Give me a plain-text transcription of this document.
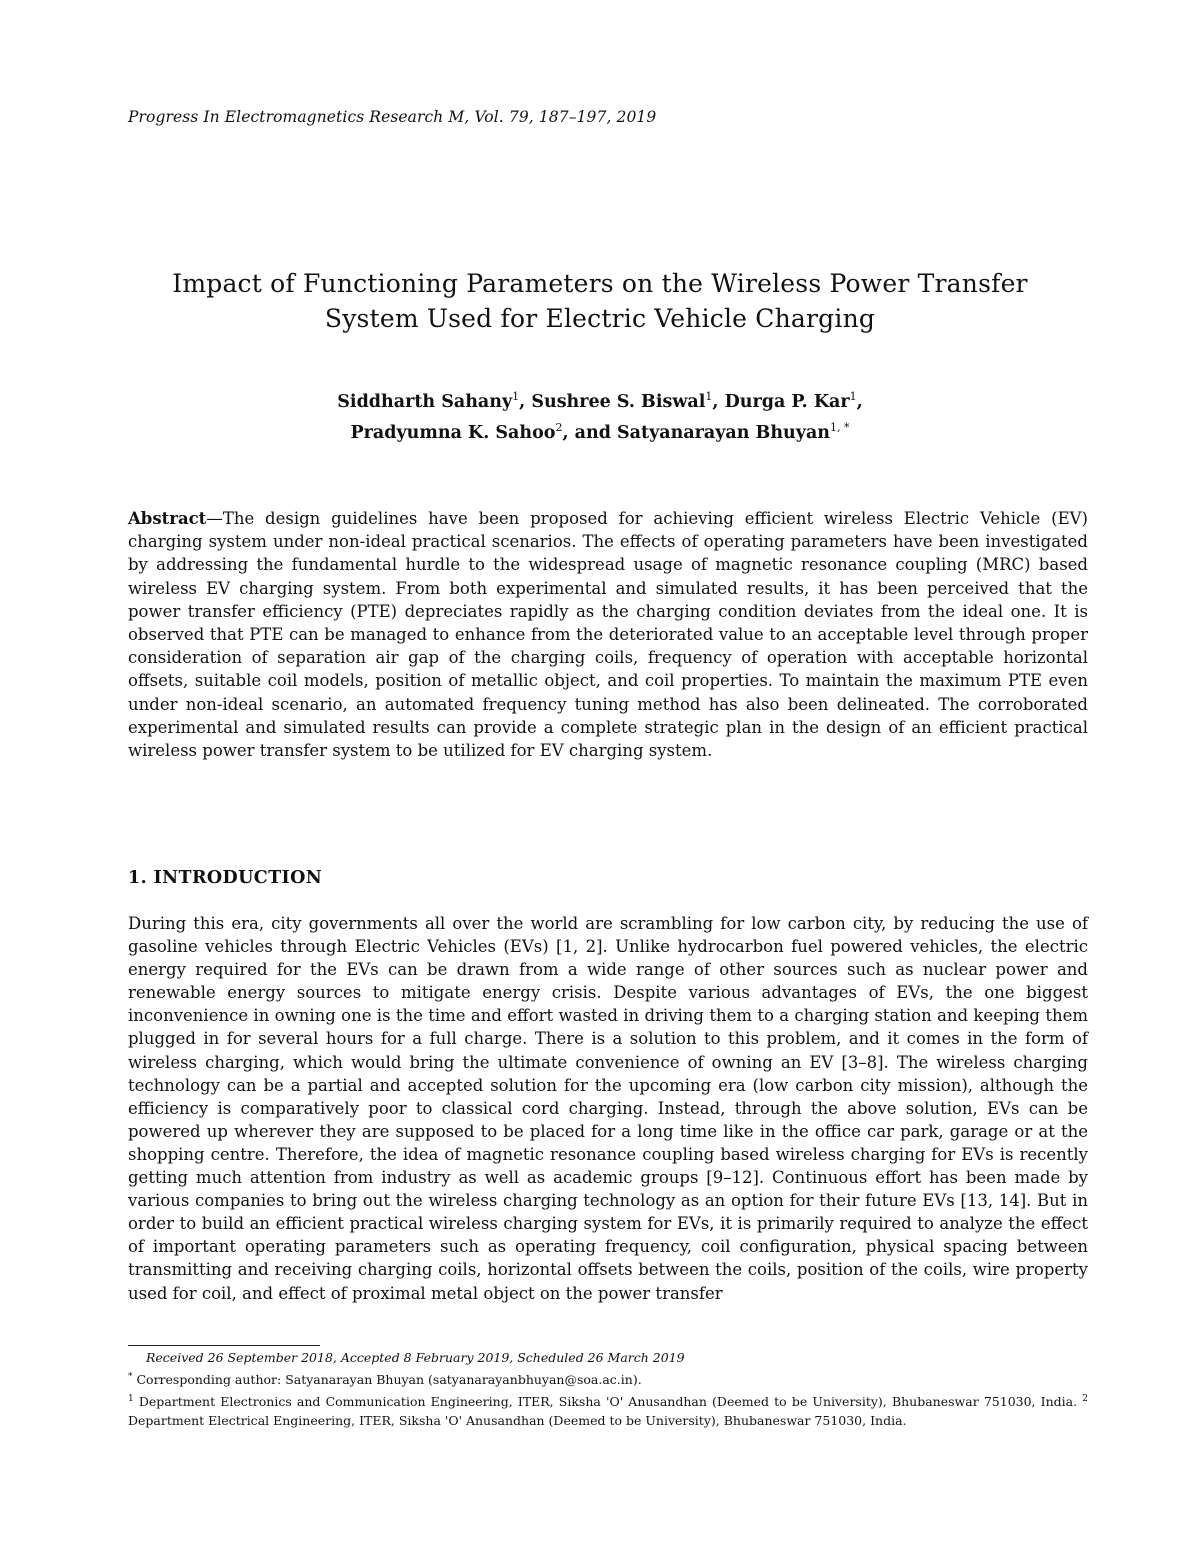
Progress In Electromagnetics Research M, Vol. 79, 187–197, 2019
Impact of Functioning Parameters on the Wireless Power Transfer
System Used for Electric Vehicle Charging
Siddharth Sahany$^1$, Sushree S. Biswal$^1$, Durga P. Kar$^1$,
Pradyumna K. Sahoo$^2$, and Satyanarayan Bhuyan$^{1, *}$
Abstract—The design guidelines have been proposed for achieving efficient wireless Electric Vehicle (EV) charging system under non-ideal practical scenarios. The effects of operating parameters have been investigated by addressing the fundamental hurdle to the widespread usage of magnetic resonance coupling (MRC) based wireless EV charging system. From both experimental and simulated results, it has been perceived that the power transfer efficiency (PTE) depreciates rapidly as the charging condition deviates from the ideal one. It is observed that PTE can be managed to enhance from the deteriorated value to an acceptable level through proper consideration of separation air gap of the charging coils, frequency of operation with acceptable horizontal offsets, suitable coil models, position of metallic object, and coil properties. To maintain the maximum PTE even under non-ideal scenario, an automated frequency tuning method has also been delineated. The corroborated experimental and simulated results can provide a complete strategic plan in the design of an efficient practical wireless power transfer system to be utilized for EV charging system.
1. INTRODUCTION
During this era, city governments all over the world are scrambling for low carbon city, by reducing the use of gasoline vehicles through Electric Vehicles (EVs) [1, 2]. Unlike hydrocarbon fuel powered vehicles, the electric energy required for the EVs can be drawn from a wide range of other sources such as nuclear power and renewable energy sources to mitigate energy crisis. Despite various advantages of EVs, the one biggest inconvenience in owning one is the time and effort wasted in driving them to a charging station and keeping them plugged in for several hours for a full charge. There is a solution to this problem, and it comes in the form of wireless charging, which would bring the ultimate convenience of owning an EV [3–8]. The wireless charging technology can be a partial and accepted solution for the upcoming era (low carbon city mission), although the efficiency is comparatively poor to classical cord charging. Instead, through the above solution, EVs can be powered up wherever they are supposed to be placed for a long time like in the office car park, garage or at the shopping centre. Therefore, the idea of magnetic resonance coupling based wireless charging for EVs is recently getting much attention from industry as well as academic groups [9–12]. Continuous effort has been made by various companies to bring out the wireless charging technology as an option for their future EVs [13, 14]. But in order to build an efficient practical wireless charging system for EVs, it is primarily required to analyze the effect of important operating parameters such as operating frequency, coil configuration, physical spacing between transmitting and receiving charging coils, horizontal offsets between the coils, position of the coils, wire property used for coil, and effect of proximal metal object on the power transfer
Received 26 September 2018, Accepted 8 February 2019, Scheduled 26 March 2019
* Corresponding author: Satyanarayan Bhuyan (satyanarayanbhuyan@soa.ac.in).
$^1$ Department Electronics and Communication Engineering, ITER, Siksha 'O' Anusandhan (Deemed to be University), Bhubaneswar 751030, India. $^2$ Department Electrical Engineering, ITER, Siksha 'O' Anusandhan (Deemed to be University), Bhubaneswar 751030, India.
